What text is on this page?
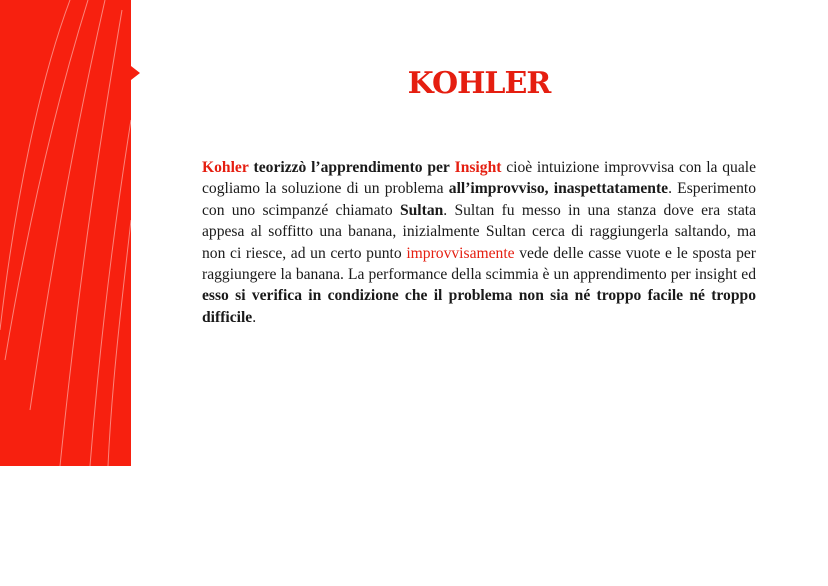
KOHLER

Kohler teorizzò l’apprendimento per Insight cioè intuizione improvvisa con la quale cogliamo la soluzione di un problema all’improvviso, inaspettatamente. Esperimento con uno scimpanzé chiamato Sultan. Sultan fu messo in una stanza dove era stata appesa al soffitto una banana, inizialmente Sultan cerca di raggiungerla saltando, ma non ci riesce, ad un certo punto improvvisamente vede delle casse vuote e le sposta per raggiungere la banana. La performance della scimmia è un apprendimento per insight ed esso si verifica in condizione che il problema non sia né troppo facile né troppo difficile.
